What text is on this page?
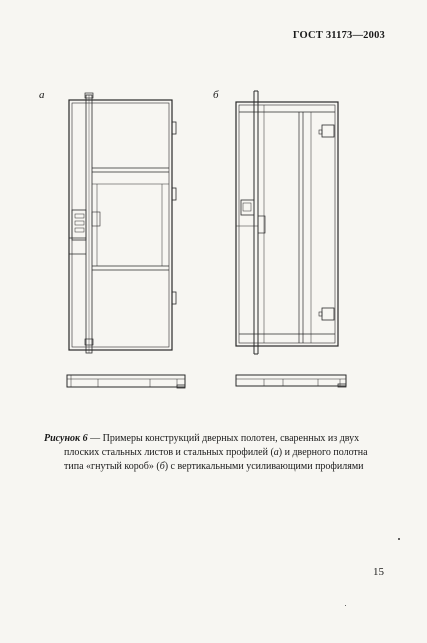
ГОСТ 31173—2003
а	б
Рисунок 6 — Примеры конструкций дверных полотен, сваренных из двух
плоских стальных листов и стальных профилей (а) и дверного полотна
типа «гнутый короб» (б) с вертикальными усиливающими профилями
15
